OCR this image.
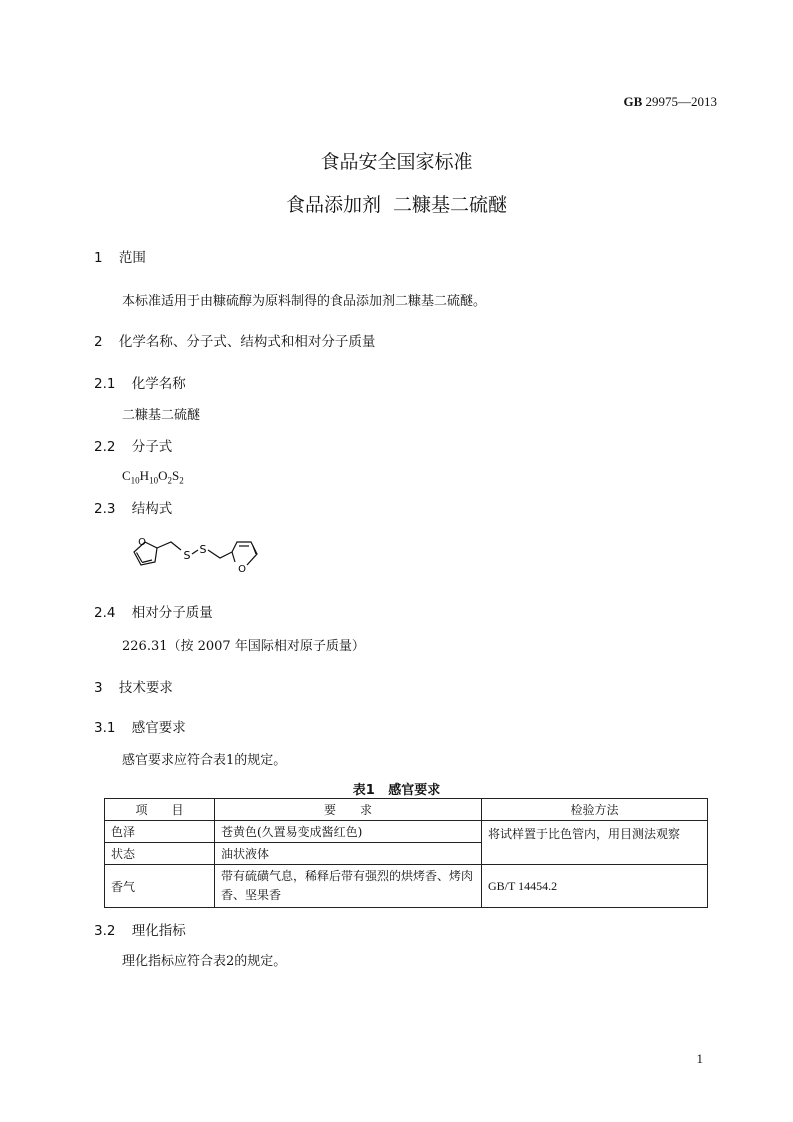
GB 29975—2013
食品安全国家标准
食品添加剂  二糠基二硫醚
1 范围
本标准适用于由糠硫醇为原料制得的食品添加剂二糠基二硫醚。
2 化学名称、分子式、结构式和相对分子质量
2.1 化学名称
二糠基二硫醚
2.2 分子式
$C_{10}H_{10}O_2S_2$
2.3 结构式
O
S S
O
2.4 相对分子质量
226.31（按 2007 年国际相对原子质量）
3 技术要求
3.1 感官要求
感官要求应符合表1的规定。
表1   感官要求
项　　目	要　　求	检验方法
色泽	苍黄色(久置易变成酱红色)	将试样置于比色管内，用目测法观察
状态	油状液体	
香气	带有硫磺气息，稀释后带有强烈的烘烤香、烤肉
香、坚果香	GB/T 14454.2
3.2 理化指标
理化指标应符合表2的规定。
1
